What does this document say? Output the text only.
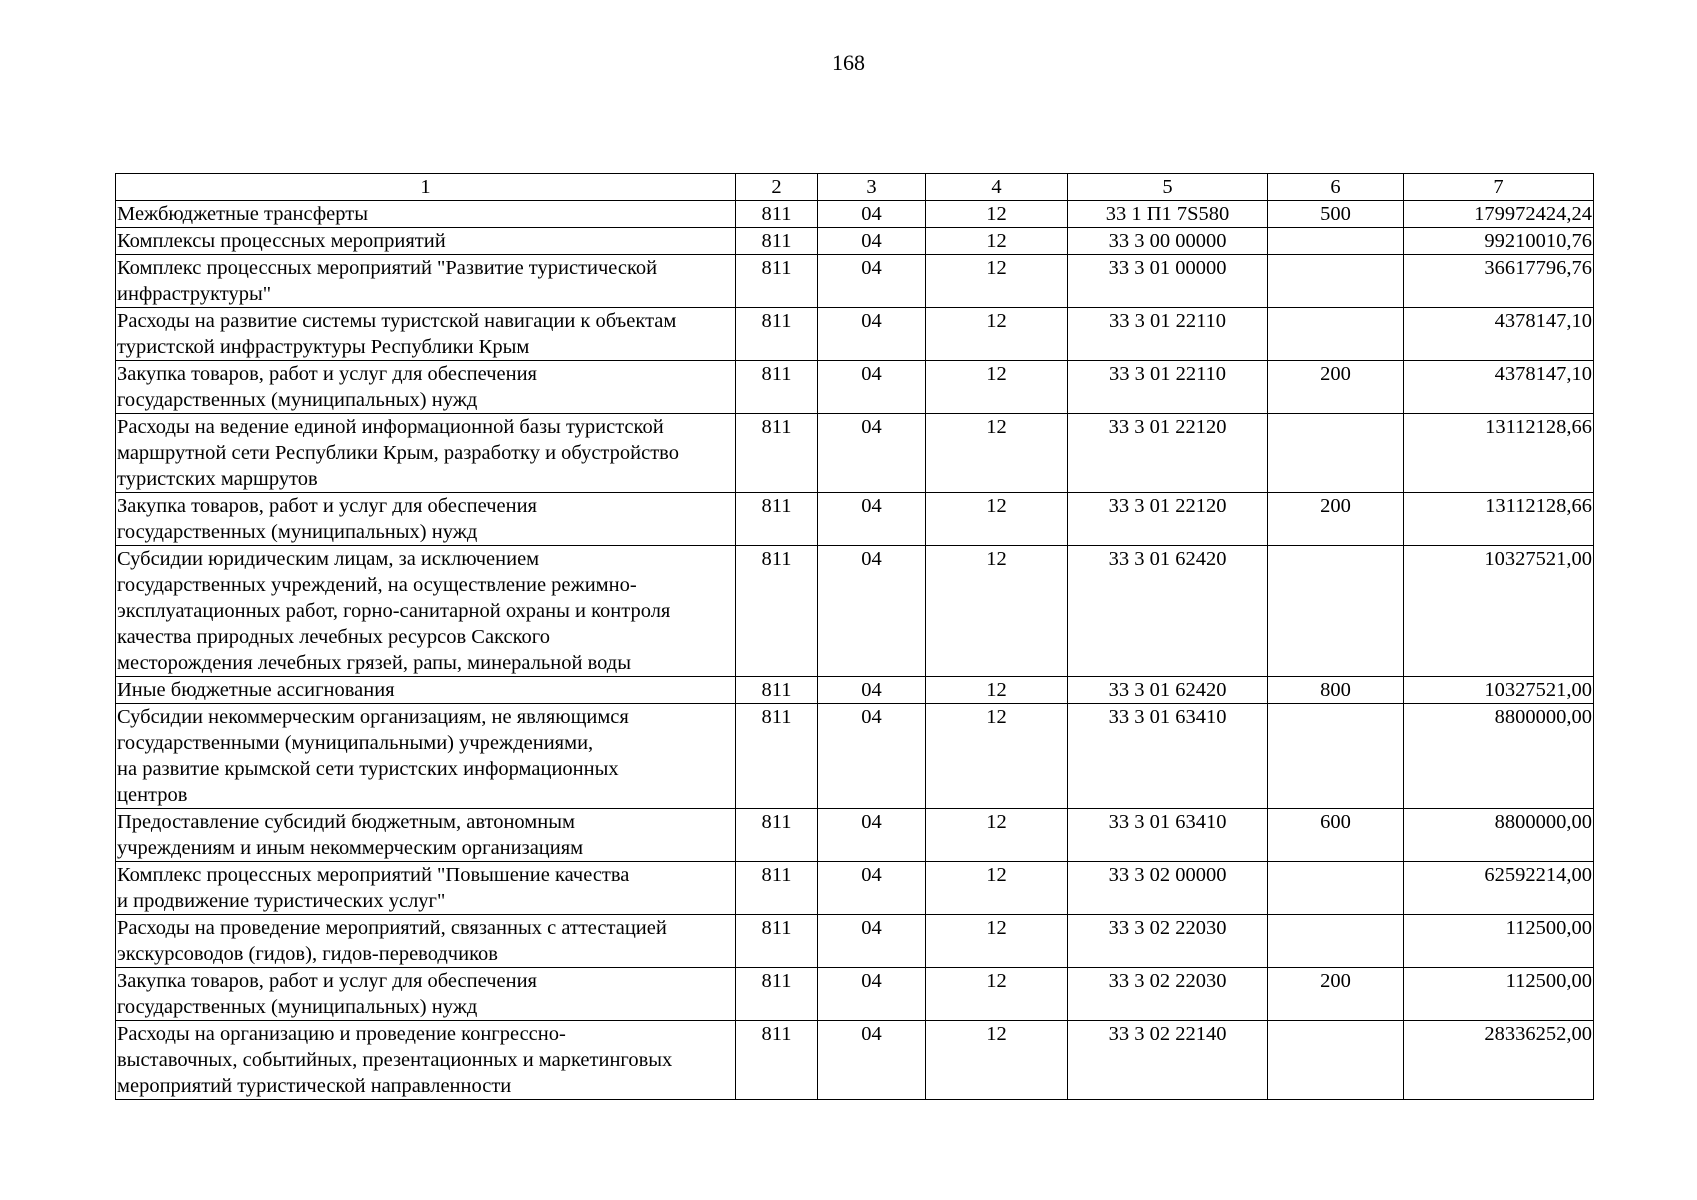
168
1	2	3	4	5	6	7

Межбюджетные трансферты	811	04	12	33 1 П1 7S580	500	179972424,24

Комплексы процессных мероприятий	811	04	12	33 3 00 00000		99210010,76

Комплекс процессных мероприятий "Развитие туристической
инфраструктуры"	811	04	12	33 3 01 00000		36617796,76

Расходы на развитие системы туристской навигации к объектам
туристской инфраструктуры Республики Крым	811	04	12	33 3 01 22110		4378147,10

Закупка товаров, работ и услуг для обеспечения
государственных (муниципальных) нужд	811	04	12	33 3 01 22110	200	4378147,10

Расходы на ведение единой информационной базы туристской
маршрутной сети Республики Крым, разработку и обустройство
туристских маршрутов	811	04	12	33 3 01 22120		13112128,66

Закупка товаров, работ и услуг для обеспечения
государственных (муниципальных) нужд	811	04	12	33 3 01 22120	200	13112128,66

Субсидии юридическим лицам, за исключением
государственных учреждений, на осуществление режимно-
эксплуатационных работ, горно-санитарной охраны и контроля
качества природных лечебных ресурсов Сакского
месторождения лечебных грязей, рапы, минеральной воды	811	04	12	33 3 01 62420		10327521,00

Иные бюджетные ассигнования	811	04	12	33 3 01 62420	800	10327521,00

Субсидии некоммерческим организациям, не являющимся
государственными (муниципальными) учреждениями,
на развитие крымской сети туристских информационных
центров	811	04	12	33 3 01 63410		8800000,00

Предоставление субсидий бюджетным, автономным
учреждениям и иным некоммерческим организациям	811	04	12	33 3 01 63410	600	8800000,00

Комплекс процессных мероприятий "Повышение качества
и продвижение туристических услуг"	811	04	12	33 3 02 00000		62592214,00

Расходы на проведение мероприятий, связанных с аттестацией
экскурсоводов (гидов), гидов-переводчиков	811	04	12	33 3 02 22030		112500,00

Закупка товаров, работ и услуг для обеспечения
государственных (муниципальных) нужд	811	04	12	33 3 02 22030	200	112500,00

Расходы на организацию и проведение конгрессно-
выставочных, событийных, презентационных и маркетинговых
мероприятий туристической направленности	811	04	12	33 3 02 22140		28336252,00
